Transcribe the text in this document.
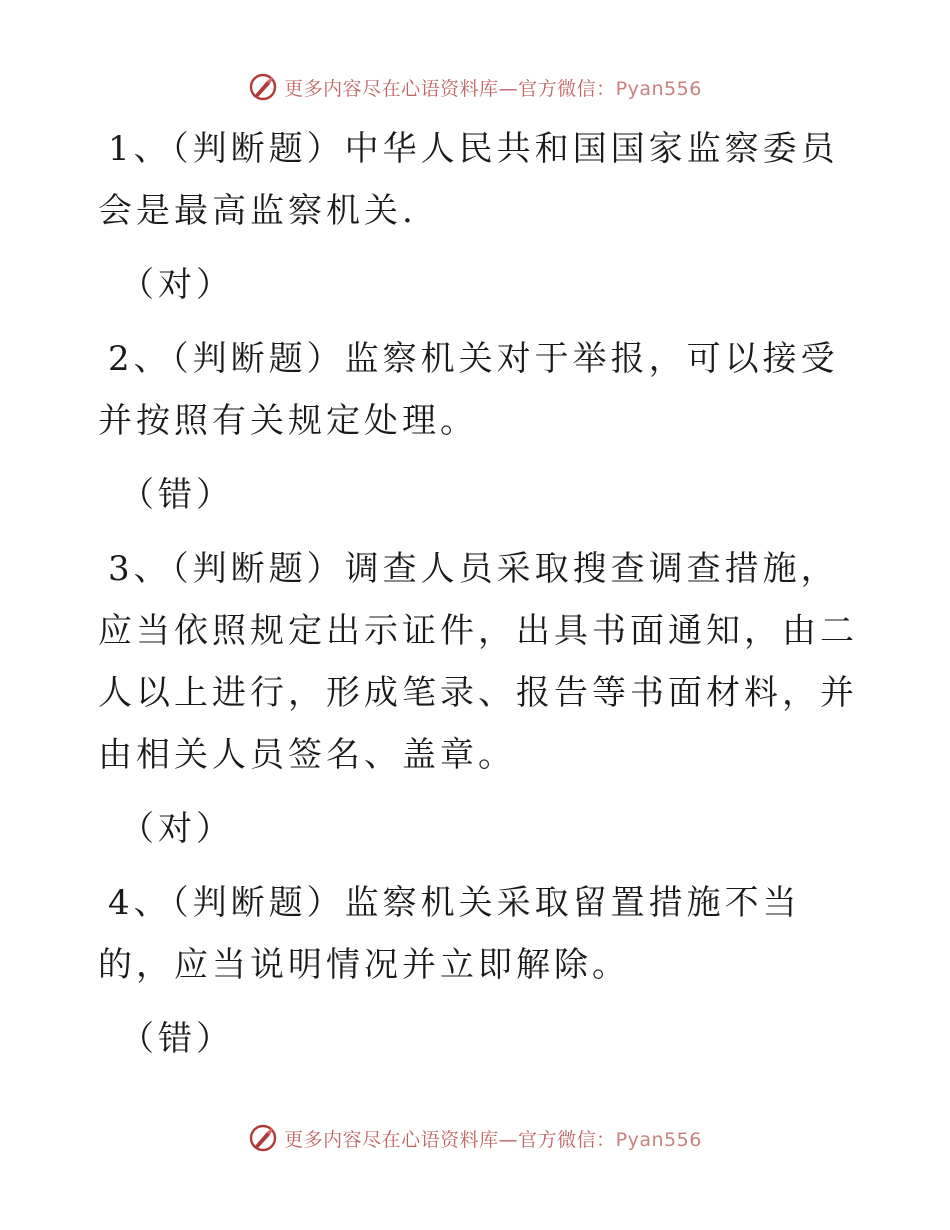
更多内容尽在心语资料库—官方微信：Pyan556

1、（判断题）中华人民共和国国家监察委员会是最高监察机关.

（对）

2、（判断题）监察机关对于举报，可以接受并按照有关规定处理。

（错）

3、（判断题）调查人员采取搜查调查措施，应当依照规定出示证件，出具书面通知，由二人以上进行，形成笔录、报告等书面材料，并由相关人员签名、盖章。

（对）

4、（判断题）监察机关采取留置措施不当的，应当说明情况并立即解除。

（错）

更多内容尽在心语资料库—官方微信：Pyan556
